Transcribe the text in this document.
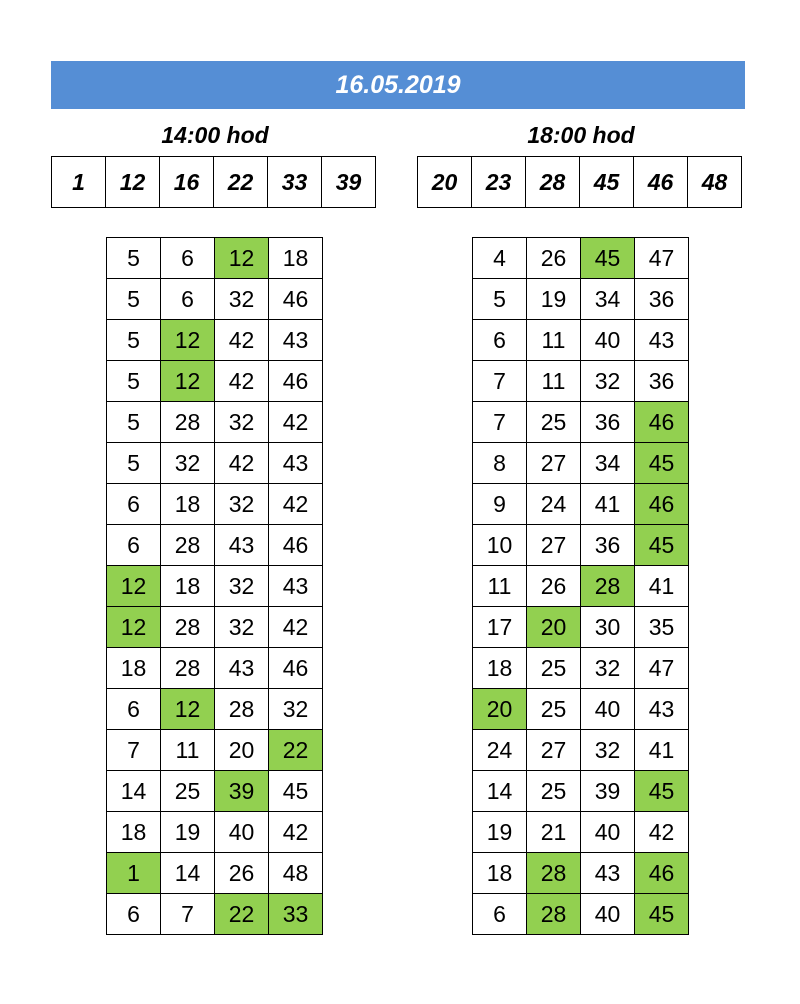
16.05.2019
14:00 hod	18:00 hod
1	12	16	22	33	39	20	23	28	45	46	48
5	6	12	18
5	6	32	46
5	12	42	43
5	12	42	46
5	28	32	42
5	32	42	43
6	18	32	42
6	28	43	46
12	18	32	43
12	28	32	42
18	28	43	46
6	12	28	32
7	11	20	22
14	25	39	45
18	19	40	42
1	14	26	48
6	7	22	33
4	26	45	47
5	19	34	36
6	11	40	43
7	11	32	36
7	25	36	46
8	27	34	45
9	24	41	46
10	27	36	45
11	26	28	41
17	20	30	35
18	25	32	47
20	25	40	43
24	27	32	41
14	25	39	45
19	21	40	42
18	28	43	46
6	28	40	45
